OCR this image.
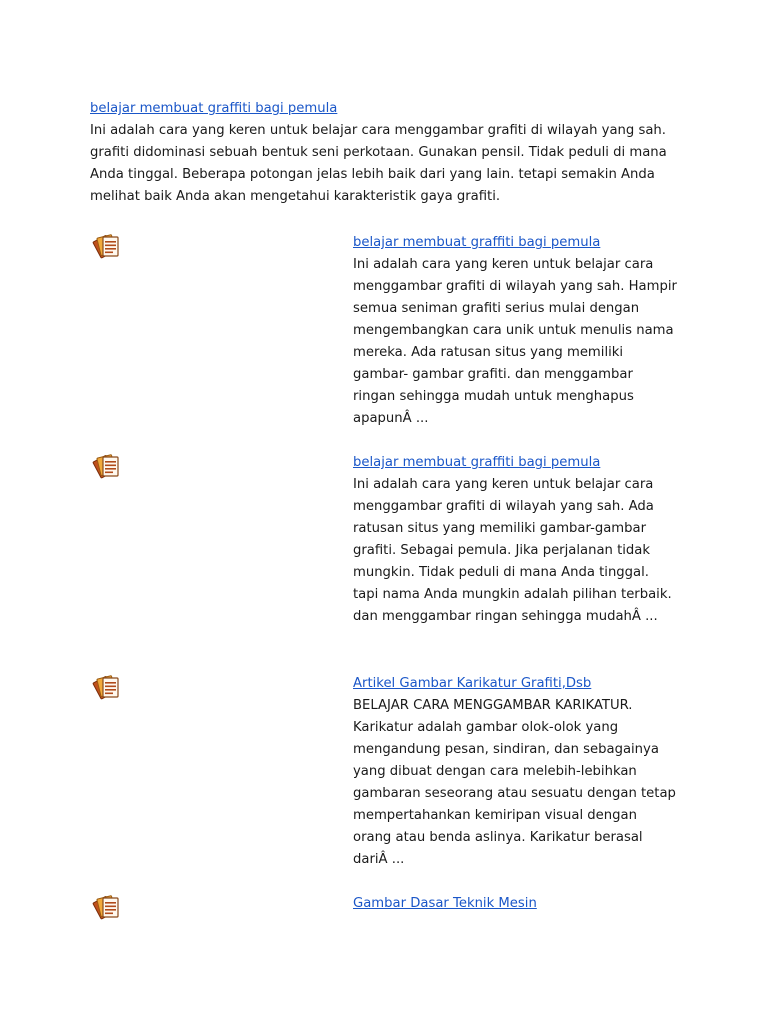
belajar membuat graffiti bagi pemula

Ini adalah cara yang keren untuk belajar cara menggambar grafiti di wilayah yang sah. grafiti didominasi sebuah bentuk seni perkotaan. Gunakan pensil. Tidak peduli di mana Anda tinggal. Beberapa potongan jelas lebih baik dari yang lain. tetapi semakin Anda melihat baik Anda akan mengetahui karakteristik gaya grafiti.

belajar membuat graffiti bagi pemula

Ini adalah cara yang keren untuk belajar cara menggambar grafiti di wilayah yang sah. Hampir semua seniman grafiti serius mulai dengan mengembangkan cara unik untuk menulis nama mereka. Ada ratusan situs yang memiliki gambar- gambar grafiti. dan menggambar ringan sehingga mudah untuk menghapus apapunÂ ...

belajar membuat graffiti bagi pemula

Ini adalah cara yang keren untuk belajar cara menggambar grafiti di wilayah yang sah. Ada ratusan situs yang memiliki gambar-gambar grafiti. Sebagai pemula. Jika perjalanan tidak mungkin. Tidak peduli di mana Anda tinggal. tapi nama Anda mungkin adalah pilihan terbaik. dan menggambar ringan sehingga mudahÂ ...

Artikel Gambar Karikatur Grafiti,Dsb

BELAJAR CARA MENGGAMBAR KARIKATUR. Karikatur adalah gambar olok-olok yang mengandung pesan, sindiran, dan sebagainya yang dibuat dengan cara melebih-lebihkan gambaran seseorang atau sesuatu dengan tetap mempertahankan kemiripan visual dengan orang atau benda aslinya. Karikatur berasal dariÂ ...

Gambar Dasar Teknik Mesin
